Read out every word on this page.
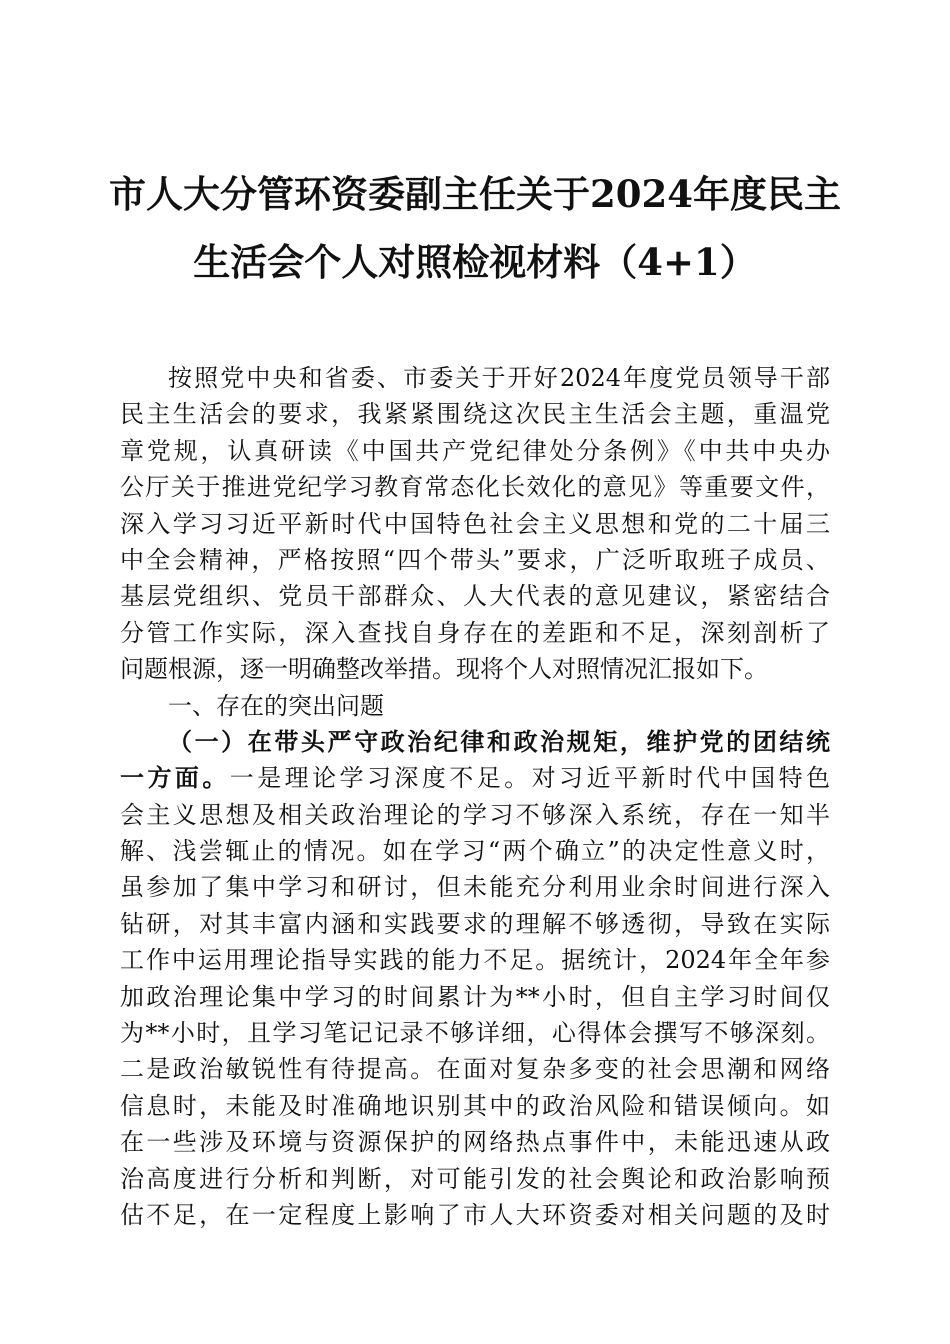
市人大分管环资委副主任关于2024年度民主
生活会个人对照检视材料（4+1）
按照党中央和省委、市委关于开好2024年度党员领导干部
民主生活会的要求，我紧紧围绕这次民主生活会主题，重温党
章党规，认真研读《中国共产党纪律处分条例》《中共中央办
公厅关于推进党纪学习教育常态化长效化的意见》等重要文件，
深入学习习近平新时代中国特色社会主义思想和党的二十届三
中全会精神，严格按照“四个带头”要求，广泛听取班子成员、
基层党组织、党员干部群众、人大代表的意见建议，紧密结合
分管工作实际，深入查找自身存在的差距和不足，深刻剖析了
问题根源，逐一明确整改举措。现将个人对照情况汇报如下。
一、存在的突出问题
（一）在带头严守政治纪律和政治规矩，维护党的团结统
一方面。一是理论学习深度不足。对习近平新时代中国特色
会主义思想及相关政治理论的学习不够深入系统，存在一知半
解、浅尝辄止的情况。如在学习“两个确立”的决定性意义时，
虽参加了集中学习和研讨，但未能充分利用业余时间进行深入
钻研，对其丰富内涵和实践要求的理解不够透彻，导致在实际
工作中运用理论指导实践的能力不足。据统计，2024年全年参
加政治理论集中学习的时间累计为**小时，但自主学习时间仅
为**小时，且学习笔记记录不够详细，心得体会撰写不够深刻。
二是政治敏锐性有待提高。在面对复杂多变的社会思潮和网络
信息时，未能及时准确地识别其中的政治风险和错误倾向。如
在一些涉及环境与资源保护的网络热点事件中，未能迅速从政
治高度进行分析和判断，对可能引发的社会舆论和政治影响预
估不足，在一定程度上影响了市人大环资委对相关问题的及时
